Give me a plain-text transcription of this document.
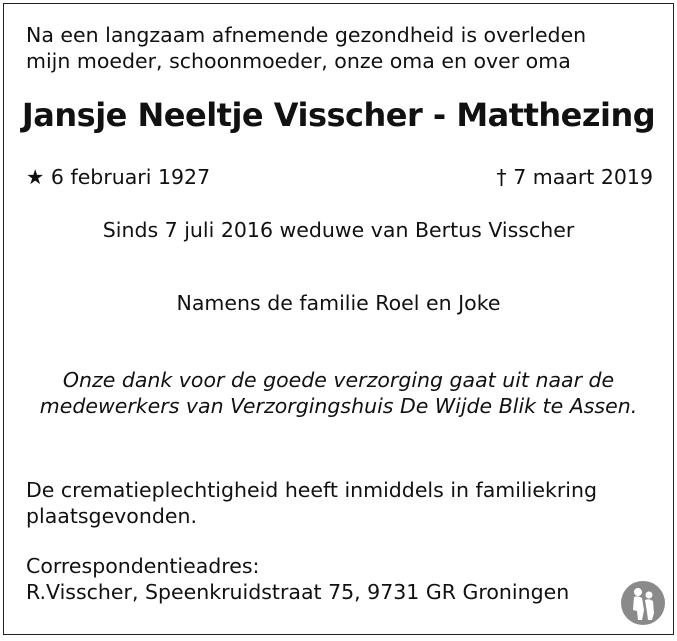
Na een langzaam afnemende gezondheid is overleden
mijn moeder, schoonmoeder, onze oma en over oma
Jansje Neeltje Visscher - Matthezing
★ 6 februari 1927	† 7 maart 2019
Sinds 7 juli 2016 weduwe van Bertus Visscher
Namens de familie Roel en Joke
Onze dank voor de goede verzorging gaat uit naar de
medewerkers van Verzorgingshuis De Wijde Blik te Assen.
De crematieplechtigheid heeft inmiddels in familiekring
plaatsgevonden.
Correspondentieadres:
R.Visscher, Speenkruidstraat 75, 9731 GR Groningen
